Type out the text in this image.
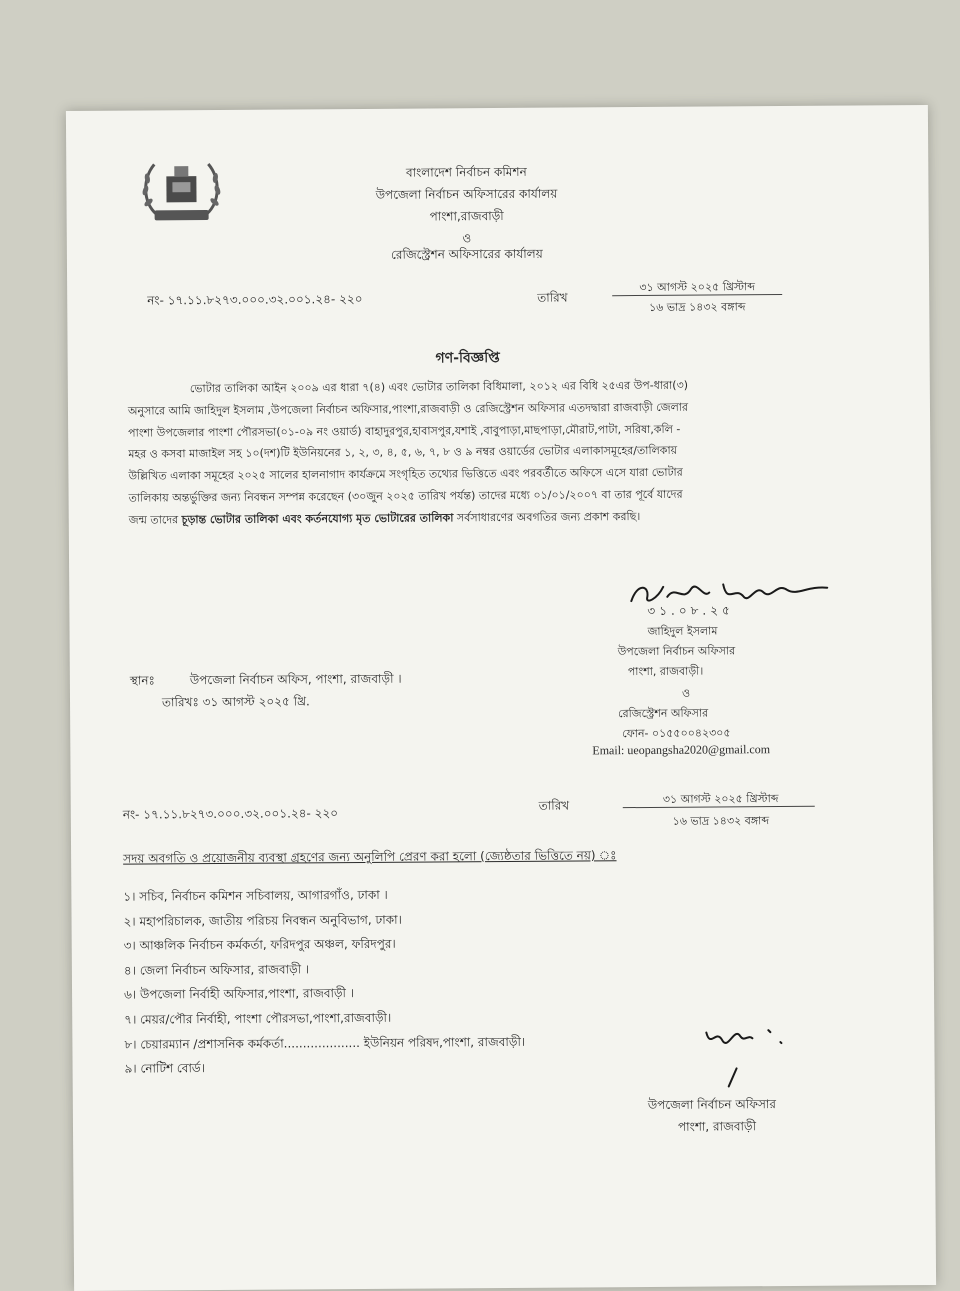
বাংলাদেশ নির্বাচন কমিশন
উপজেলা নির্বাচন অফিসারের কার্যালয়
পাংশা,রাজবাড়ী
ও
রেজিস্ট্রেশন অফিসারের কার্যালয়
নং- ১৭.১১.৮২৭৩.০০০.৩২.০০১.২৪- ২২০	তারিখ
৩১ আগস্ট ২০২৫ খ্রিস্টাব্দ
১৬ ভাদ্র ১৪৩২ বঙ্গাব্দ
গণ-বিজ্ঞপ্তি
ভোটার তালিকা আইন ২০০৯ এর ধারা ৭(৪) এবং ভোটার তালিকা বিধিমালা, ২০১২ এর বিধি ২৫এর উপ-ধারা(৩)
অনুসারে আমি জাহিদুল ইসলাম ,উপজেলা নির্বাচন অফিসার,পাংশা,রাজবাড়ী ও রেজিস্ট্রেশন অফিসার এতদদ্বারা রাজবাড়ী জেলার
পাংশা উপজেলার পাংশা পৌরসভা(০১-০৯ নং ওয়ার্ড) বাহাদুরপুর,হাবাসপুর,যশাই ,বাবুপাড়া,মাছপাড়া,মৌরাট,পাটা, সরিষা,কলি -
মহর ও কসবা মাজাইল সহ ১০(দশ)টি ইউনিয়নের ১, ২, ৩, ৪, ৫, ৬, ৭, ৮ ও ৯ নম্বর ওয়ার্ডের ভোটার এলাকাসমূহের/তালিকায়
উল্লিখিত এলাকা সমূহের ২০২৫ সালের হালনাগাদ কার্যক্রমে সংগৃহিত তথ্যের ভিত্তিতে এবং পরবর্তীতে অফিসে এসে যারা ভোটার
তালিকায় অন্তর্ভুক্তির জন্য নিবন্ধন সম্পন্ন করেছেন (৩০জুন ২০২৫ তারিখ পর্যন্ত) তাদের মধ্যে ০১/০১/২০০৭ বা তার পূর্বে যাদের
জন্ম তাদের চূড়ান্ত ভোটার তালিকা এবং কর্তনযোগ্য মৃত ভোটারের তালিকা সর্বসাধারণের অবগতির জন্য প্রকাশ করছি।
৩১.০৮.২৫
জাহিদুল ইসলাম
উপজেলা নির্বাচন অফিসার
পাংশা, রাজবাড়ী।
ও
রেজিস্ট্রেশন অফিসার
ফোন- ০১৫৫০০৪২৩০৫
Email: ueopangsha2020@gmail.com
স্থানঃ	উপজেলা নির্বাচন অফিস, পাংশা, রাজবাড়ী ।
তারিখঃ ৩১ আগস্ট ২০২৫ খ্রি.
নং- ১৭.১১.৮২৭৩.০০০.৩২.০০১.২৪- ২২০
তারিখ	৩১ আগস্ট ২০২৫ খ্রিস্টাব্দ
১৬ ভাদ্র ১৪৩২ বঙ্গাব্দ
সদয় অবগতি ও প্রয়োজনীয় ব্যবস্থা গ্রহণের জন্য অনুলিপি প্রেরণ করা হলো (জ্যেষ্ঠতার ভিত্তিতে নয়) ঃ
১। সচিব, নির্বাচন কমিশন সচিবালয়, আগারগাঁও, ঢাকা ।
২। মহাপরিচালক, জাতীয় পরিচয় নিবন্ধন অনুবিভাগ, ঢাকা।
৩। আঞ্চলিক নির্বাচন কর্মকর্তা, ফরিদপুর অঞ্চল, ফরিদপুর।
৪। জেলা নির্বাচন অফিসার, রাজবাড়ী ।
৬। উপজেলা নির্বাহী অফিসার,পাংশা, রাজবাড়ী ।
৭। মেয়র/পৌর নির্বাহী, পাংশা পৌরসভা,পাংশা,রাজবাড়ী।
৮। চেয়ারম্যান /প্রশাসনিক কর্মকর্তা.................... ইউনিয়ন পরিষদ,পাংশা, রাজবাড়ী।
৯। নোটিশ বোর্ড।
উপজেলা নির্বাচন অফিসার
পাংশা, রাজবাড়ী
